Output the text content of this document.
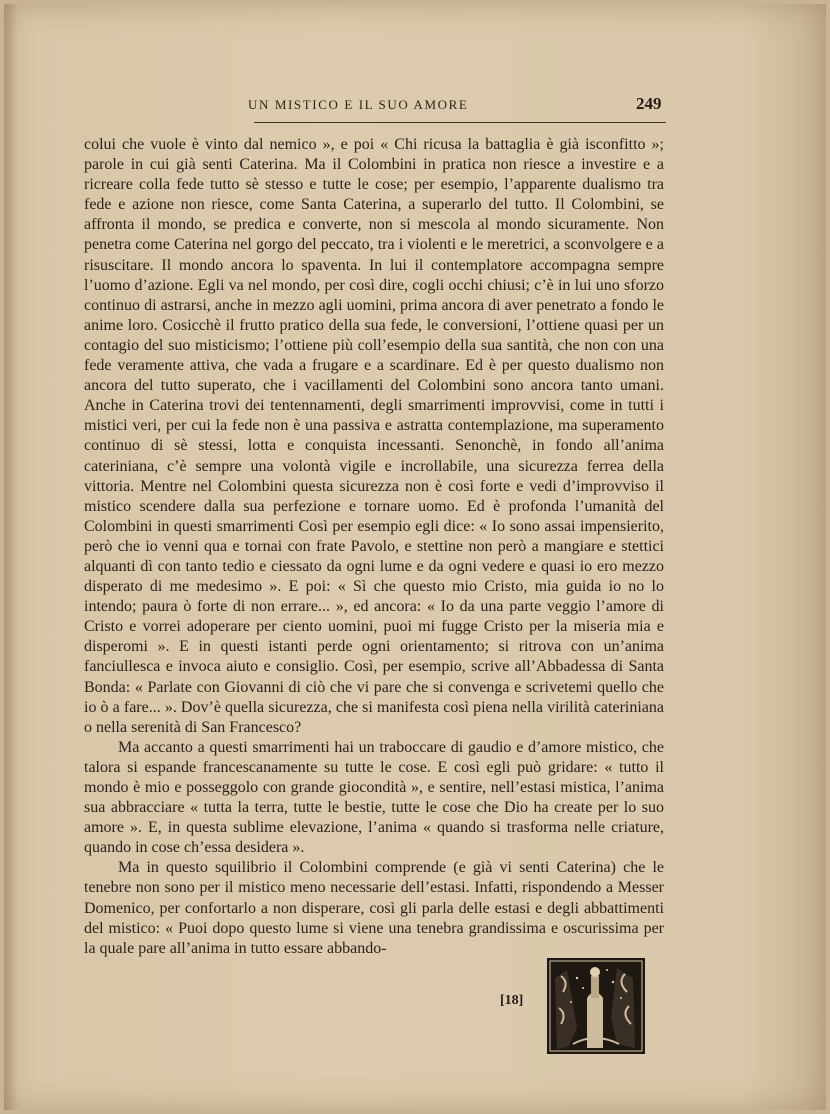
UN MISTICO E IL SUO AMORE	249

colui che vuole è vinto dal nemico », e poi « Chi ricusa la battaglia è già isconfitto »; parole in cui già senti Caterina. Ma il Colombini in pratica non riesce a investire e a ricreare colla fede tutto sè stesso e tutte le cose; per esempio, l’apparente dualismo tra fede e azione non riesce, come Santa Caterina, a superarlo del tutto. Il Colombini, se affronta il mondo, se predica e converte, non si mescola al mondo sicuramente. Non penetra come Caterina nel gorgo del peccato, tra i violenti e le meretrici, a sconvolgere e a risuscitare. Il mondo ancora lo spaventa. In lui il contemplatore accompagna sempre l’uomo d’azione. Egli va nel mondo, per così dire, cogli occhi chiusi; c’è in lui uno sforzo continuo di astrarsi, anche in mezzo agli uomini, prima ancora di aver penetrato a fondo le anime loro. Cosicchè il frutto pratico della sua fede, le conversioni, l’ottiene quasi per un contagio del suo misticismo; l’ottiene più coll’esempio della sua santità, che non con una fede veramente attiva, che vada a frugare e a scardinare. Ed è per questo dualismo non ancora del tutto superato, che i vacillamenti del Colombini sono ancora tanto umani. Anche in Caterina trovi dei tentennamenti, degli smarrimenti improvvisi, come in tutti i mistici veri, per cui la fede non è una passiva e astratta contemplazione, ma superamento continuo di sè stessi, lotta e conquista incessanti. Senonchè, in fondo all’anima cateriniana, c’è sempre una volontà vigile e incrollabile, una sicurezza ferrea della vittoria. Mentre nel Colombini questa sicurezza non è così forte e vedi d’improvviso il mistico scendere dalla sua perfezione e tornare uomo. Ed è profonda l’umanità del Colombini in questi smarrimenti Così per esempio egli dice: « Io sono assai impensierito, però che io venni qua e tornai con frate Pavolo, e stettine non però a mangiare e stettici alquanti dì con tanto tedio e ciessato da ogni lume e da ogni vedere e quasi io ero mezzo disperato di me medesimo ». E poi: « Sì che questo mio Cristo, mia guida io no lo intendo; paura ò forte di non errare... », ed ancora: « Io da una parte veggio l’amore di Cristo e vorrei adoperare per ciento uomini, puoi mi fugge Cristo per la miseria mia e disperomi ». E in questi istanti perde ogni orientamento; si ritrova con un’anima fanciullesca e invoca aiuto e consiglio. Così, per esempio, scrive all’Abbadessa di Santa Bonda: « Parlate con Giovanni di ciò che vi pare che si convenga e scrivetemi quello che io ò a fare... ». Dov’è quella sicurezza, che si manifesta così piena nella virilità cateriniana o nella serenità di San Francesco?

Ma accanto a questi smarrimenti hai un traboccare di gaudio e d’amore mistico, che talora si espande francescanamente su tutte le cose. E così egli può gridare: « tutto il mondo è mio e posseggolo con grande giocondità », e sentire, nell’estasi mistica, l’anima sua abbracciare « tutta la terra, tutte le bestie, tutte le cose che Dio ha create per lo suo amore ». E, in questa sublime elevazione, l’anima « quando si trasforma nelle criature, quando in cose ch’essa desidera ».

Ma in questo squilibrio il Colombini comprende (e già vi senti Caterina) che le tenebre non sono per il mistico meno necessarie dell’estasi. Infatti, rispondendo a Messer Domenico, per confortarlo a non disperare, così gli parla delle estasi e degli abbattimenti del mistico: « Puoi dopo questo lume si viene una tenebra grandissima e oscurissima per la quale pare all’anima in tutto essare abbando-

[18]
